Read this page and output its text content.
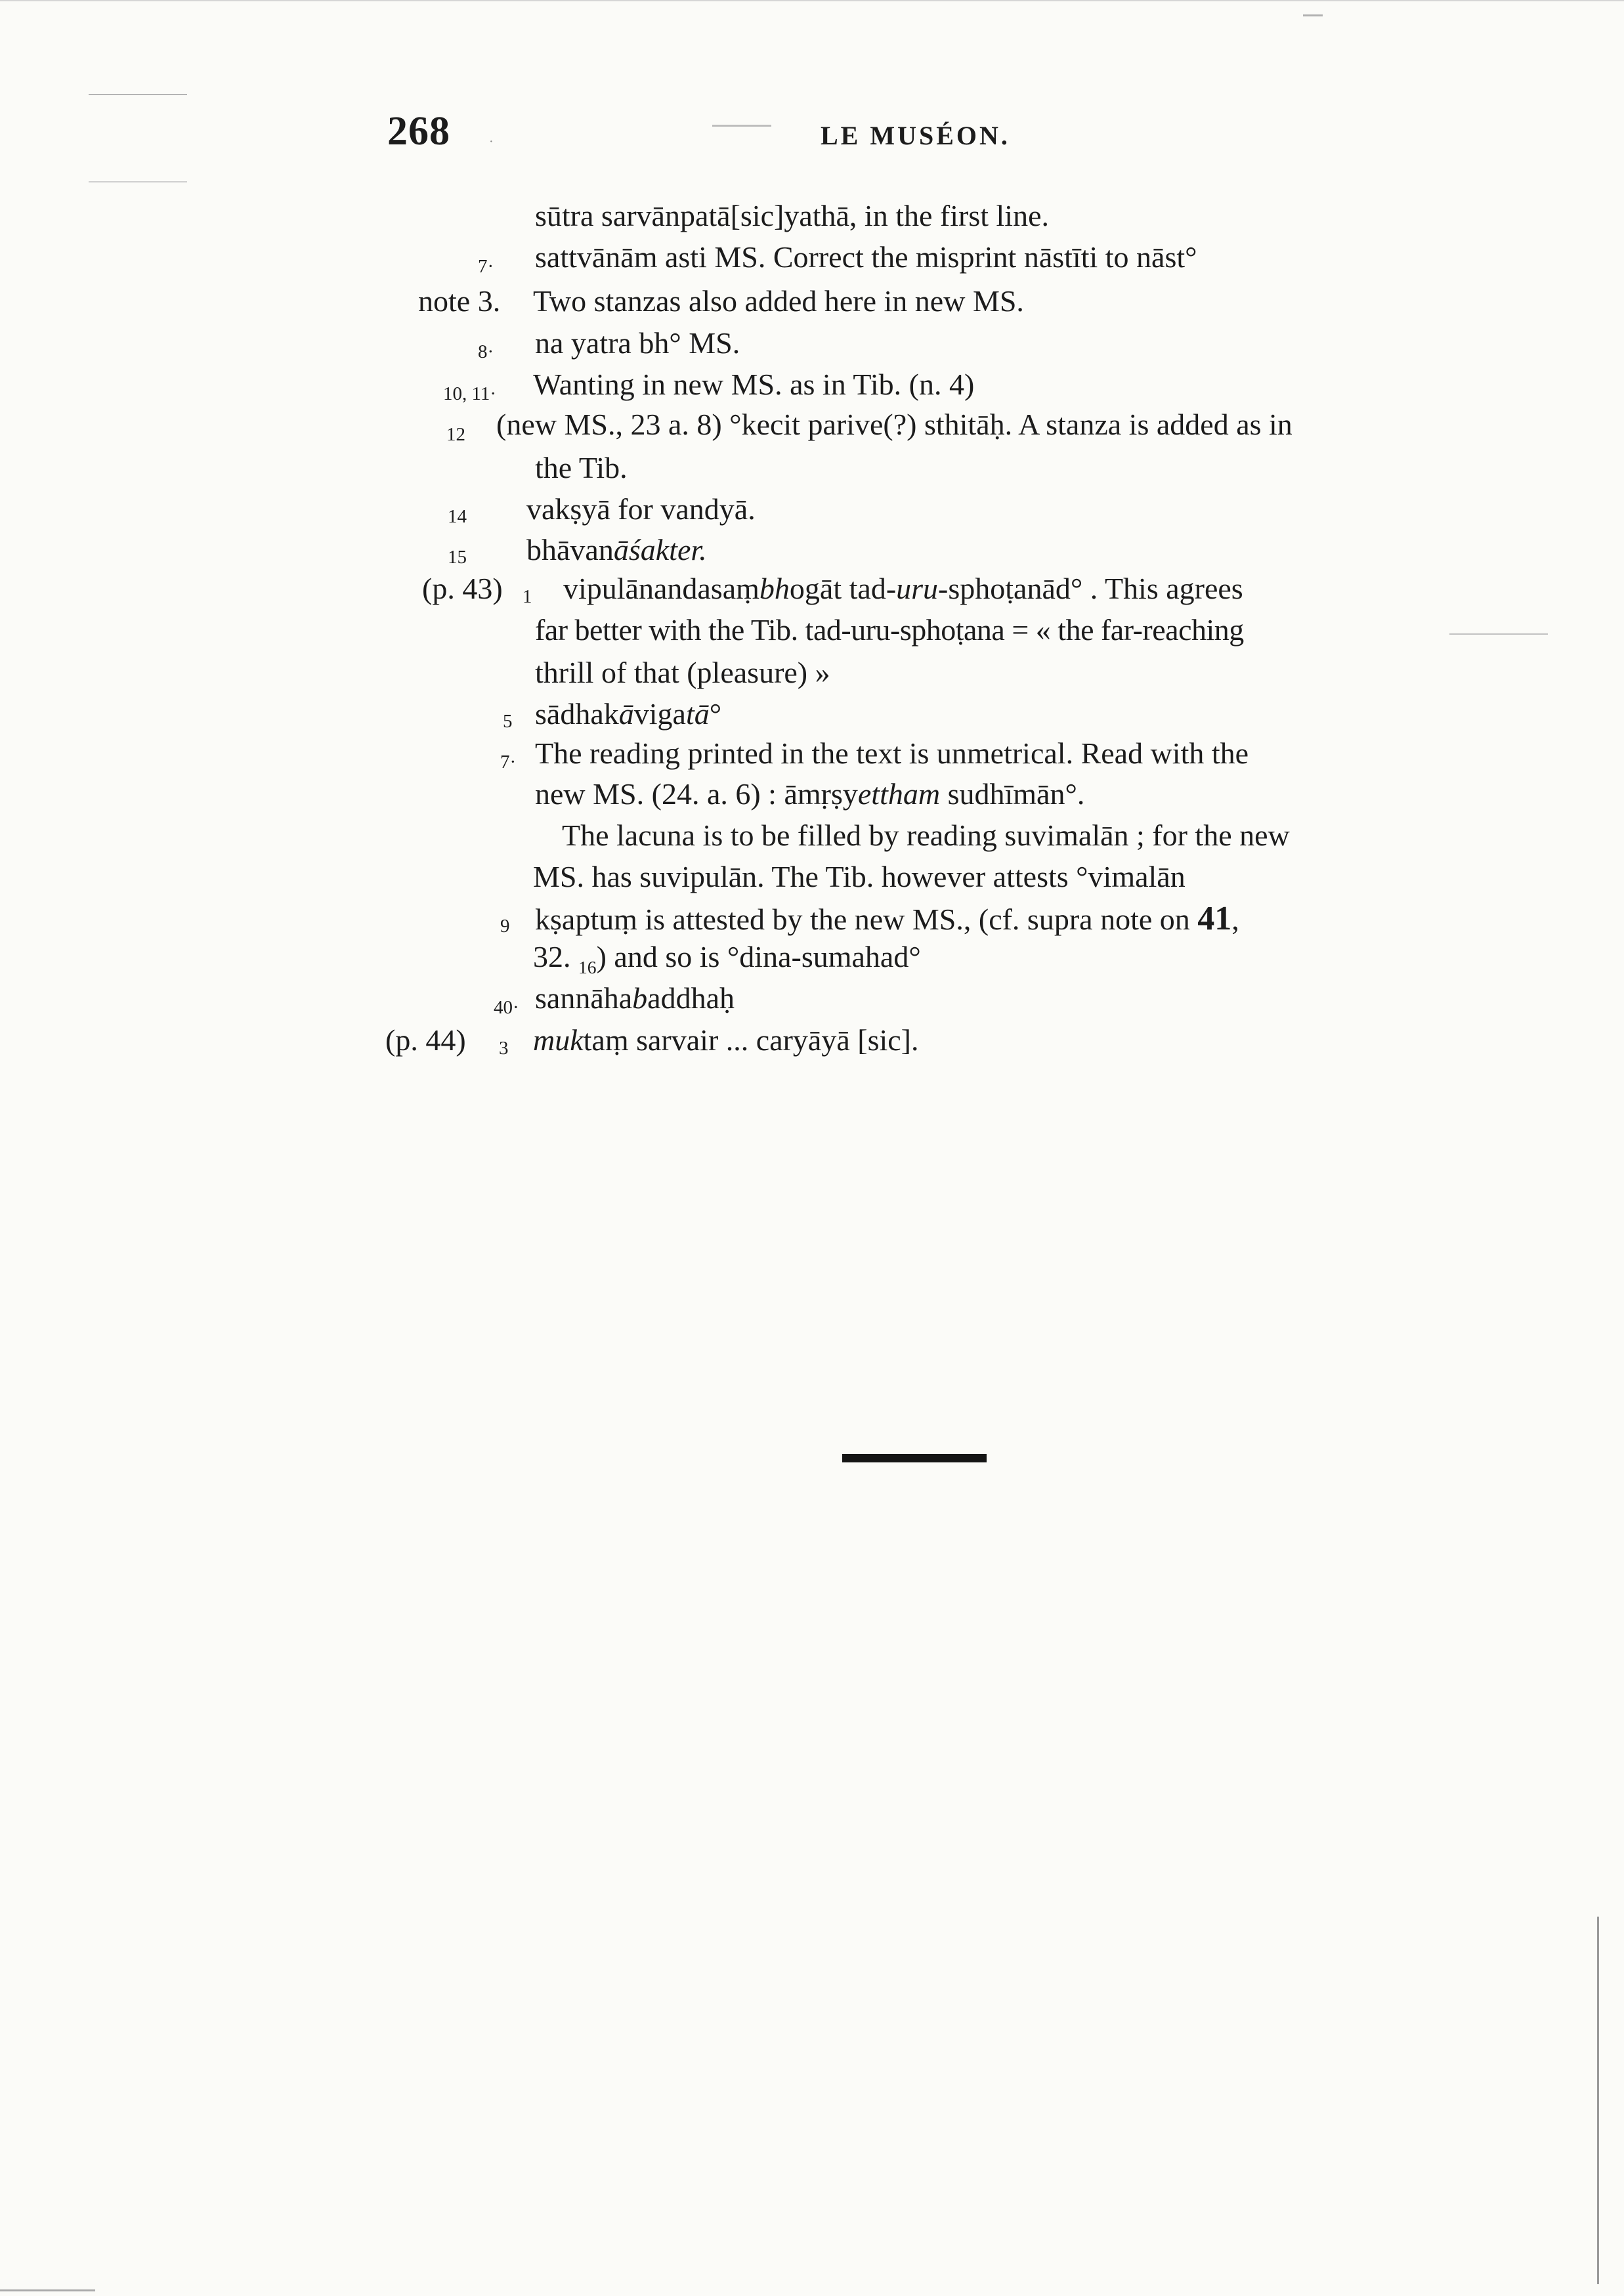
268	·	LE MUSÉON.
sūtra sarvānpatā[sic]yathā, in the first line.
7· sattvānām asti MS. Correct the misprint nāstīti to nāst°
note 3. Two stanzas also added here in new MS.
8· na yatra bh° MS.
10, 11· Wanting in new MS. as in Tib. (n. 4)
12 (new MS., 23 a. 8) °kecit parive(?) sthitāḥ. A stanza is added as in
the Tib.
14 vakṣyā for vandyā.
15 bhāvanāśakter.
(p. 43) 1 vipulānandasaṃbhogāt tad-uru-sphoṭanād° . This agrees
far better with the Tib. tad-uru-sphoṭana = « the far-reaching
thrill of that (pleasure) »
5 sādhakāvigatā°
7· The reading printed in the text is unmetrical. Read with the
new MS. (24. a. 6) : āmṛṣyettham sudhīmān°.
The lacuna is to be filled by reading suvimalān ; for the new
MS. has suvipulān. The Tib. however attests °vimalān
9 kṣaptuṃ is attested by the new MS., (cf. supra note on 41,
32. $_{16}$) and so is °dina-sumahad°
40· sannāhabaddhaḥ
(p. 44) 3 muktaṃ sarvair ... caryāyā [sic].
